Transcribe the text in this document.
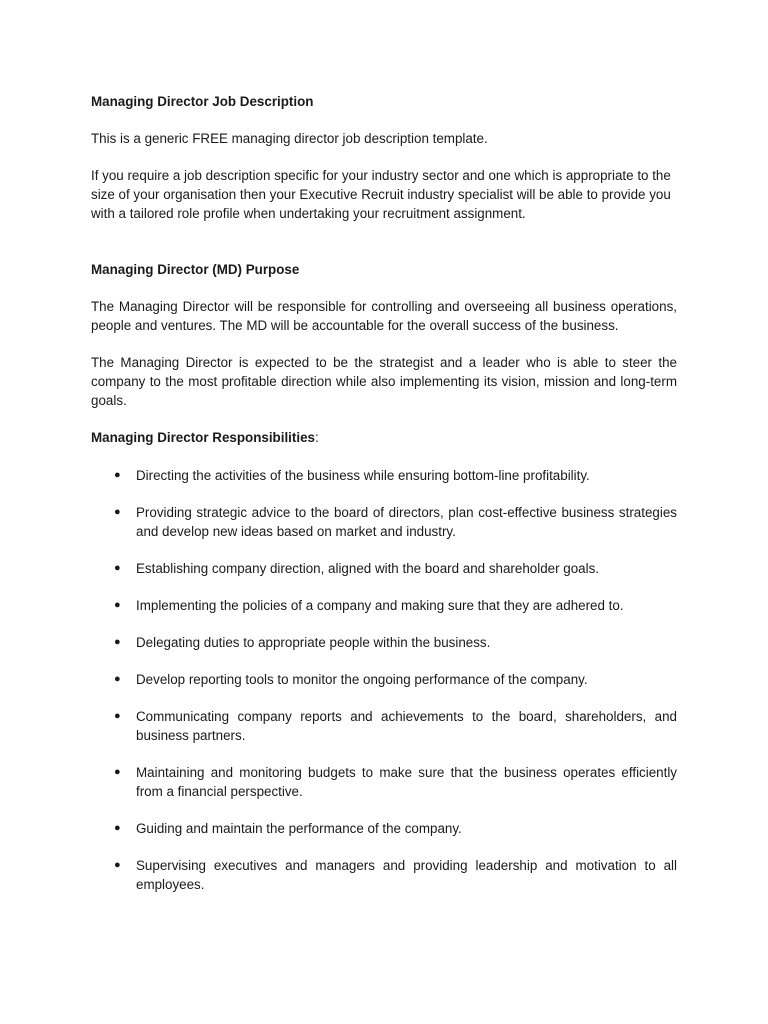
Managing Director Job Description

This is a generic FREE managing director job description template.

If you require a job description specific for your industry sector and one which is appropriate to the size of your organisation then your Executive Recruit industry specialist will be able to provide you with a tailored role profile when undertaking your recruitment assignment.

Managing Director (MD) Purpose

The Managing Director will be responsible for controlling and overseeing all business operations, people and ventures. The MD will be accountable for the overall success of the business.

The Managing Director is expected to be the strategist and a leader who is able to steer the company to the most profitable direction while also implementing its vision, mission and long-term goals.

Managing Director Responsibilities:

● Directing the activities of the business while ensuring bottom-line profitability.
● Providing strategic advice to the board of directors, plan cost-effective business strategies and develop new ideas based on market and industry.
● Establishing company direction, aligned with the board and shareholder goals.
● Implementing the policies of a company and making sure that they are adhered to.
● Delegating duties to appropriate people within the business.
● Develop reporting tools to monitor the ongoing performance of the company.
● Communicating company reports and achievements to the board, shareholders, and business partners.
● Maintaining and monitoring budgets to make sure that the business operates efficiently from a financial perspective.
● Guiding and maintain the performance of the company.
● Supervising executives and managers and providing leadership and motivation to all employees.
